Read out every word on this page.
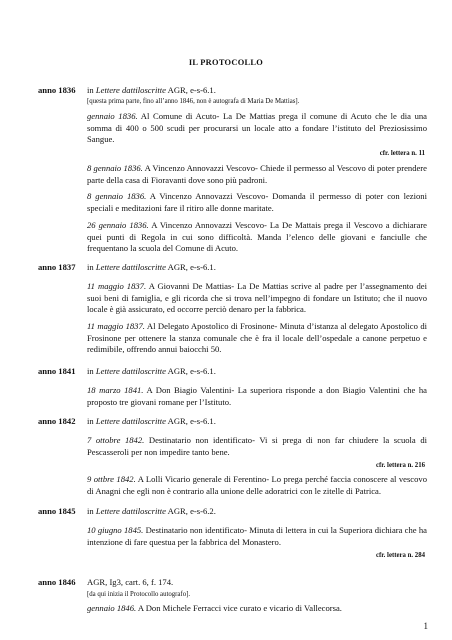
IL PROTOCOLLO
anno 1836 in Lettere dattiloscritte AGR, e-s-6.1.
[questa prima parte, fino all’anno 1846, non è autografa di Maria De Mattias].

gennaio 1836. Al Comune di Acuto- La De Mattias prega il comune di Acuto che le dia una somma di 400 o 500 scudi per procurarsi un locale atto a fondare l’istituto del Preziosissimo Sangue.

cfr. lettera n. 11

8 gennaio 1836. A Vincenzo Annovazzi Vescovo- Chiede il permesso al Vescovo di poter prendere parte della casa di Fioravanti dove sono più padroni.

8 gennaio 1836. A Vincenzo Annovazzi Vescovo- Domanda il permesso di poter con lezioni speciali e meditazioni fare il ritiro alle donne maritate.

26 gennaio 1836. A Vincenzo Annovazzi Vescovo- La De Mattais prega il Vescovo a dichiarare quei punti di Regola in cui sono difficoltà. Manda l’elenco delle giovani e fanciulle che frequentano la scuola del Comune di Acuto.

anno 1837 in Lettere dattiloscritte AGR, e-s-6.1.

11 maggio 1837. A Giovanni De Mattias- La De Mattias scrive al padre per l’assegnamento dei suoi beni di famiglia, e gli ricorda che si trova nell’impegno di fondare un Istituto; che il nuovo locale è già assicurato, ed occorre perciò denaro per la fabbrica.

11 maggio 1837. Al Delegato Apostolico di Frosinone- Minuta d’istanza al delegato Apostolico di Frosinone per ottenere la stanza comunale che è fra il locale dell’ospedale a canone perpetuo e redimibile, offrendo annui baiocchi 50.

anno 1841 in Lettere dattiloscritte AGR, e-s-6.1.

18 marzo 1841. A Don Biagio Valentini- La superiora risponde a don Biagio Valentini che ha proposto tre giovani romane per l’Istituto.

anno 1842 in Lettere dattiloscritte AGR, e-s-6.1.

7 ottobre 1842. Destinatario non identificato- Vi si prega di non far chiudere la scuola di Pescasseroli per non impedire tanto bene.

cfr. lettera n. 216

9 ottbre 1842. A Lolli Vicario generale di Ferentino- Lo prega perché faccia conoscere al vescovo di Anagni che egli non è contrario alla unione delle adoratrici con le zitelle di Patrica.

anno 1845 in Lettere dattiloscritte AGR, e-s-6.2.

10 giugno 1845. Destinatario non identificato- Minuta di lettera in cui la Superiora dichiara che ha intenzione di fare questua per la fabbrica del Monastero.

cfr. lettera n. 284
anno 1846 AGR, Ig3, cart. 6, f. 174.
[da qui inizia il Protocollo autografo].

gennaio 1846. A Don Michele Ferracci vice curato e vicario di Vallecorsa.

1
